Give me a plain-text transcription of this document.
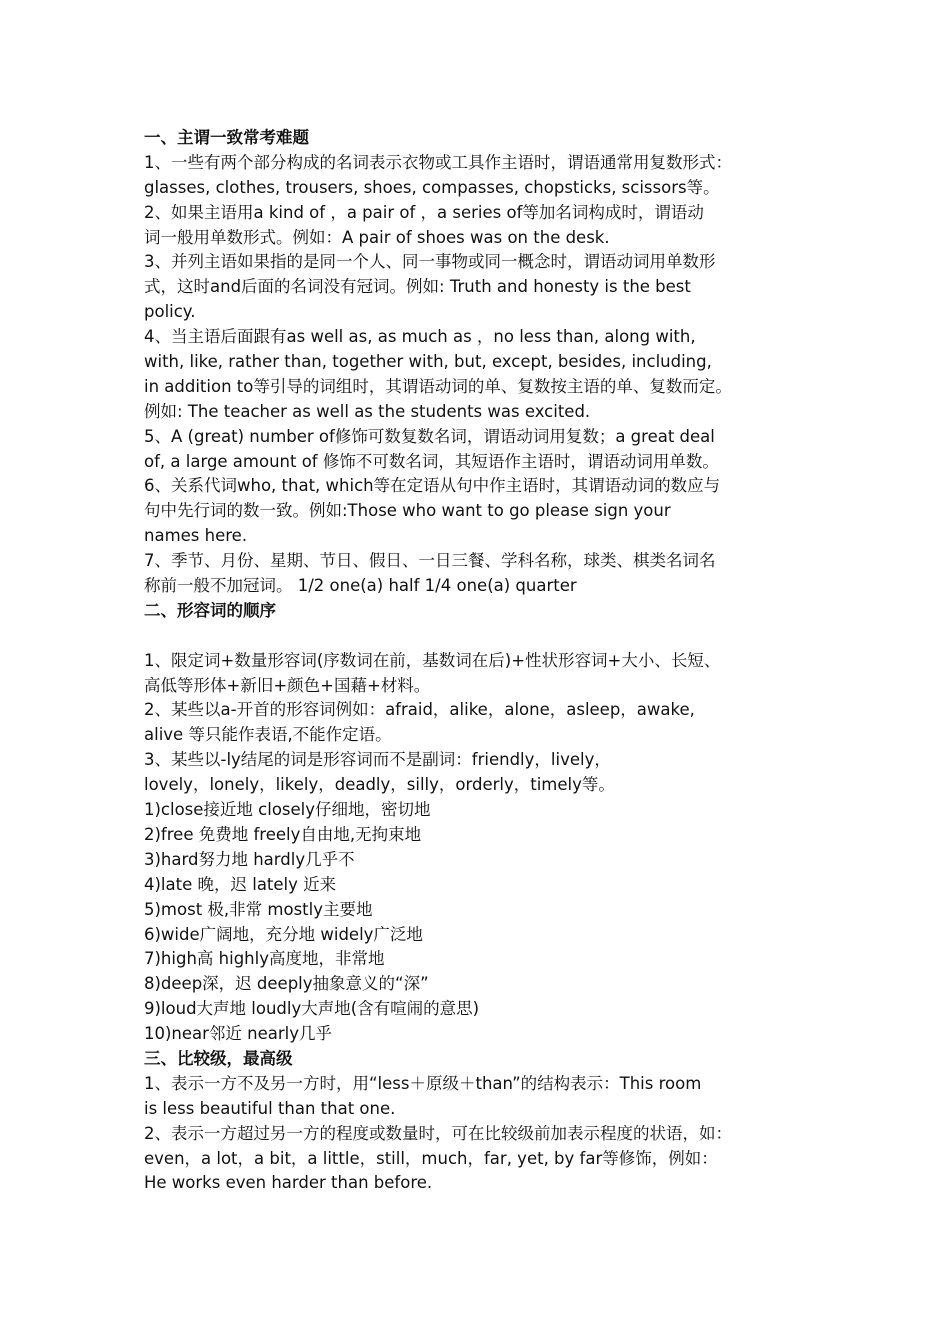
一、主谓一致常考难题
1、一些有两个部分构成的名词表示衣物或工具作主语时，谓语通常用复数形式：
glasses, clothes, trousers, shoes, compasses, chopsticks, scissors等。
2、如果主语用a kind of ，a pair of ，a series of等加名词构成时，谓语动
词一般用单数形式。例如：A pair of shoes was on the desk.
3、并列主语如果指的是同一个人、同一事物或同一概念时，谓语动词用单数形
式，这时and后面的名词没有冠词。例如: Truth and honesty is the best
policy.
4、当主语后面跟有as well as, as much as ，no less than, along with,
with, like, rather than, together with, but, except, besides, including,
in addition to等引导的词组时，其谓语动词的单、复数按主语的单、复数而定。
例如: The teacher as well as the students was excited.
5、A (great) number of修饰可数复数名词，谓语动词用复数；a great deal
of, a large amount of 修饰不可数名词，其短语作主语时，谓语动词用单数。
6、关系代词who, that, which等在定语从句中作主语时，其谓语动词的数应与
句中先行词的数一致。例如:Those who want to go please sign your
names here.
7、季节、月份、星期、节日、假日、一日三餐、学科名称，球类、棋类名词名
称前一般不加冠词。 1/2 one(a) half 1/4 one(a) quarter
二、形容词的顺序
1、限定词+数量形容词(序数词在前，基数词在后)+性状形容词+大小、长短、
高低等形体+新旧+颜色+国藉+材料。
2、某些以a-开首的形容词例如：afraid，alike，alone，asleep，awake,
alive 等只能作表语,不能作定语。
3、某些以-ly结尾的词是形容词而不是副词：friendly，lively，
lovely，lonely，likely，deadly，silly，orderly，timely等。
1)close接近地 closely仔细地，密切地
2)free 免费地 freely自由地,无拘束地
3)hard努力地 hardly几乎不
4)late 晚，迟 lately 近来
5)most 极,非常 mostly主要地
6)wide广阔地，充分地 widely广泛地
7)high高 highly高度地，非常地
8)deep深，迟 deeply抽象意义的“深”
9)loud大声地 loudly大声地(含有喧闹的意思)
10)near邻近 nearly几乎
三、比较级，最高级
1、表示一方不及另一方时，用“less＋原级＋than”的结构表示：This room
is less beautiful than that one.
2、表示一方超过另一方的程度或数量时，可在比较级前加表示程度的状语，如：
even，a lot，a bit，a little，still，much，far, yet, by far等修饰，例如：
He works even harder than before.
